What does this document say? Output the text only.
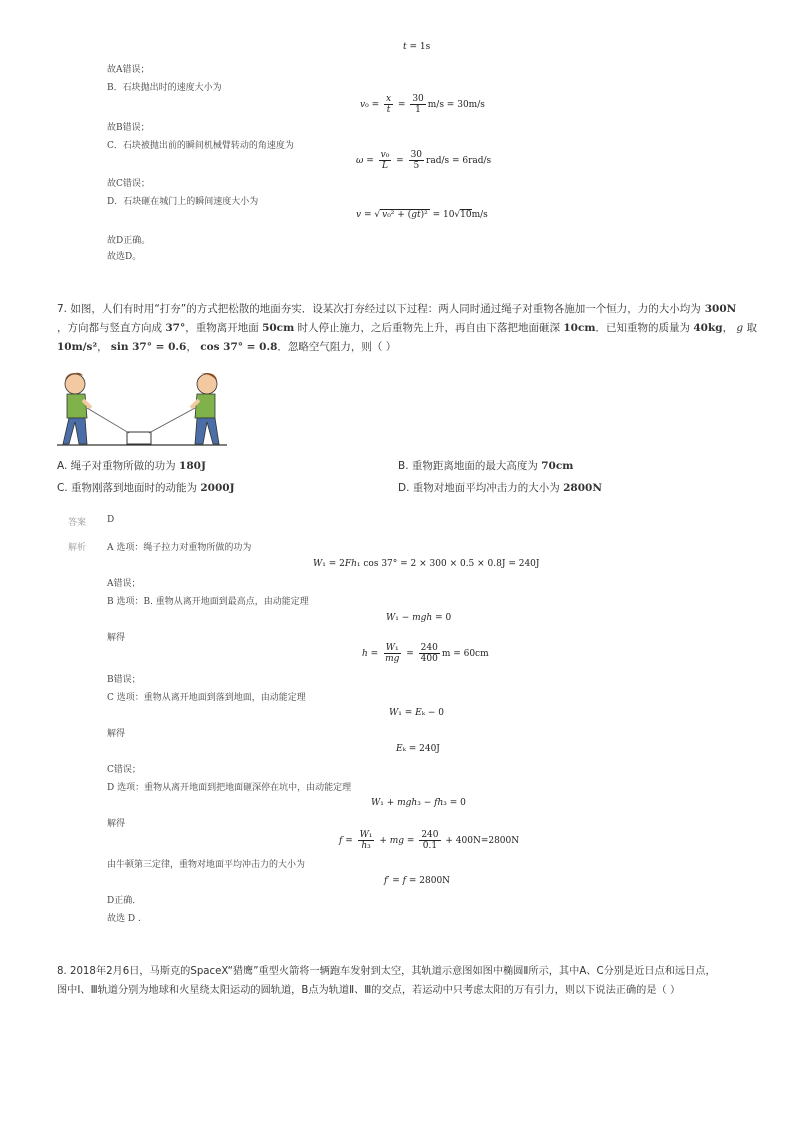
t = 1s
故A错误；
B．石块抛出时的速度大小为
$v_0 = \frac{x}{t} = \frac{30}{1} m/s = 30m/s$
故B错误；
C．石块被抛出前的瞬间机械臂转动的角速度为
$\omega = \frac{\text{v₀}}{L} = \frac{30}{5} rad/s = 6rad/s$
故C错误；
D．石块砸在城门上的瞬间速度大小为
v = √ v₀² + (gt)² = 10√10m/s
故D正确。
故选D。
7. 如图，人们有时用“打夯”的方式把松散的地面夯实．设某次打夯经过以下过程：两人同时通过绳子对重物各施加一个恒力，力的大小均为 300N
，方向都与竖直方向成 37°，重物离开地面 50cm 时人停止施力，之后重物先上升，再自由下落把地面砸深 10cm．已知重物的质量为 40kg， g 取
10m/s²， sin 37° = 0.6， cos 37° = 0.8．忽略空气阻力，则（ ）
A. 绳子对重物所做的功为 180J	B. 重物距离地面的最大高度为 70cm
C. 重物刚落到地面时的动能为 2000J	D. 重物对地面平均冲击力的大小为 2800N
答案 D
解析 A 选项：绳子拉力对重物所做的功为
W₁ = 2Fh₁ cos 37° = 2 × 300 × 0.5 × 0.8J = 240J
A错误；
B 选项：B. 重物从离开地面到最高点，由动能定理
W₁ − mgh = 0
解得
$h = \frac{\text{W₁}}{mg} = \frac{240}{400}$ m = 60cm
B错误；
C 选项：重物从离开地面到落到地面，由动能定理
W₁ = Eₖ − 0
解得
Eₖ = 240J
C错误；
D 选项：重物从离开地面到把地面砸深停在坑中，由动能定理
W₁ + mgh₃ − fh₃ = 0
解得
$f = \frac{\text{W₁}}{\text{h₃}}$ + mg = $\frac{240}{0.1} + 400N=2800N$
由牛顿第三定律，重物对地面平均冲击力的大小为
f′ = f = 2800N
D正确．
故选 D .
8. 2018年2月6日，马斯克的SpaceX“猎鹰”重型火箭将一辆跑车发射到太空，其轨道示意图如图中椭圆Ⅱ所示，其中A、C分别是近日点和远日点，
图中Ⅰ、Ⅲ轨道分别为地球和火星绕太阳运动的圆轨道，B点为轨道Ⅱ、Ⅲ的交点，若运动中只考虑太阳的万有引力，则以下说法正确的是（ ）
